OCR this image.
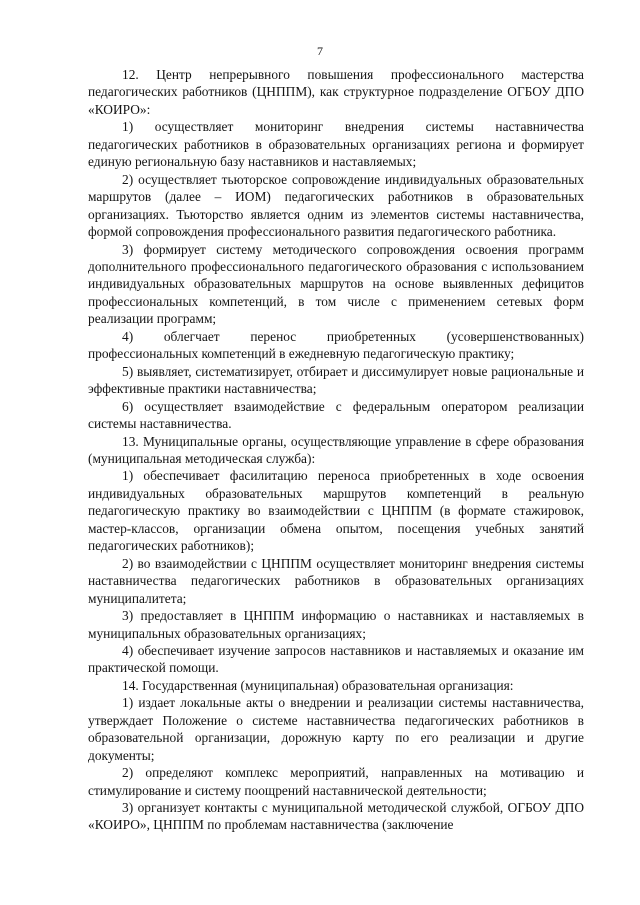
7

12. Центр непрерывного повышения профессионального мастерства педагогических работников (ЦНППМ), как структурное подразделение ОГБОУ ДПО «КОИРО»:

1) осуществляет мониторинг внедрения системы наставничества педагогических работников в образовательных организациях региона и формирует единую региональную базу наставников и наставляемых;

2) осуществляет тьюторское сопровождение индивидуальных образовательных маршрутов (далее – ИОМ) педагогических работников в образовательных организациях. Тьюторство является одним из элементов системы наставничества, формой сопровождения профессионального развития педагогического работника.

3) формирует систему методического сопровождения освоения программ дополнительного профессионального педагогического образования с использованием индивидуальных образовательных маршрутов на основе выявленных дефицитов профессиональных компетенций, в том числе с применением сетевых форм реализации программ;

4) облегчает перенос приобретенных (усовершенствованных) профессиональных компетенций в ежедневную педагогическую практику;

5) выявляет, систематизирует, отбирает и диссимулирует новые рациональные и эффективные практики наставничества;

6) осуществляет взаимодействие с федеральным оператором реализации системы наставничества.

13. Муниципальные органы, осуществляющие управление в сфере образования (муниципальная методическая служба):

1) обеспечивает фасилитацию переноса приобретенных в ходе освоения индивидуальных образовательных маршрутов компетенций в реальную педагогическую практику во взаимодействии с ЦНППМ (в формате стажировок, мастер-классов, организации обмена опытом, посещения учебных занятий педагогических работников);

2) во взаимодействии с ЦНППМ осуществляет мониторинг внедрения системы наставничества педагогических работников в образовательных организациях муниципалитета;

3) предоставляет в ЦНППМ информацию о наставниках и наставляемых в муниципальных образовательных организациях;

4) обеспечивает изучение запросов наставников и наставляемых и оказание им практической помощи.

14. Государственная (муниципальная) образовательная организация:

1) издает локальные акты о внедрении и реализации системы наставничества, утверждает Положение о системе наставничества педагогических работников в образовательной организации, дорожную карту по его реализации и другие документы;

2) определяют комплекс мероприятий, направленных на мотивацию и стимулирование и систему поощрений наставнической деятельности;

3) организует контакты с муниципальной методической службой, ОГБОУ ДПО «КОИРО», ЦНППМ по проблемам наставничества (заключение
